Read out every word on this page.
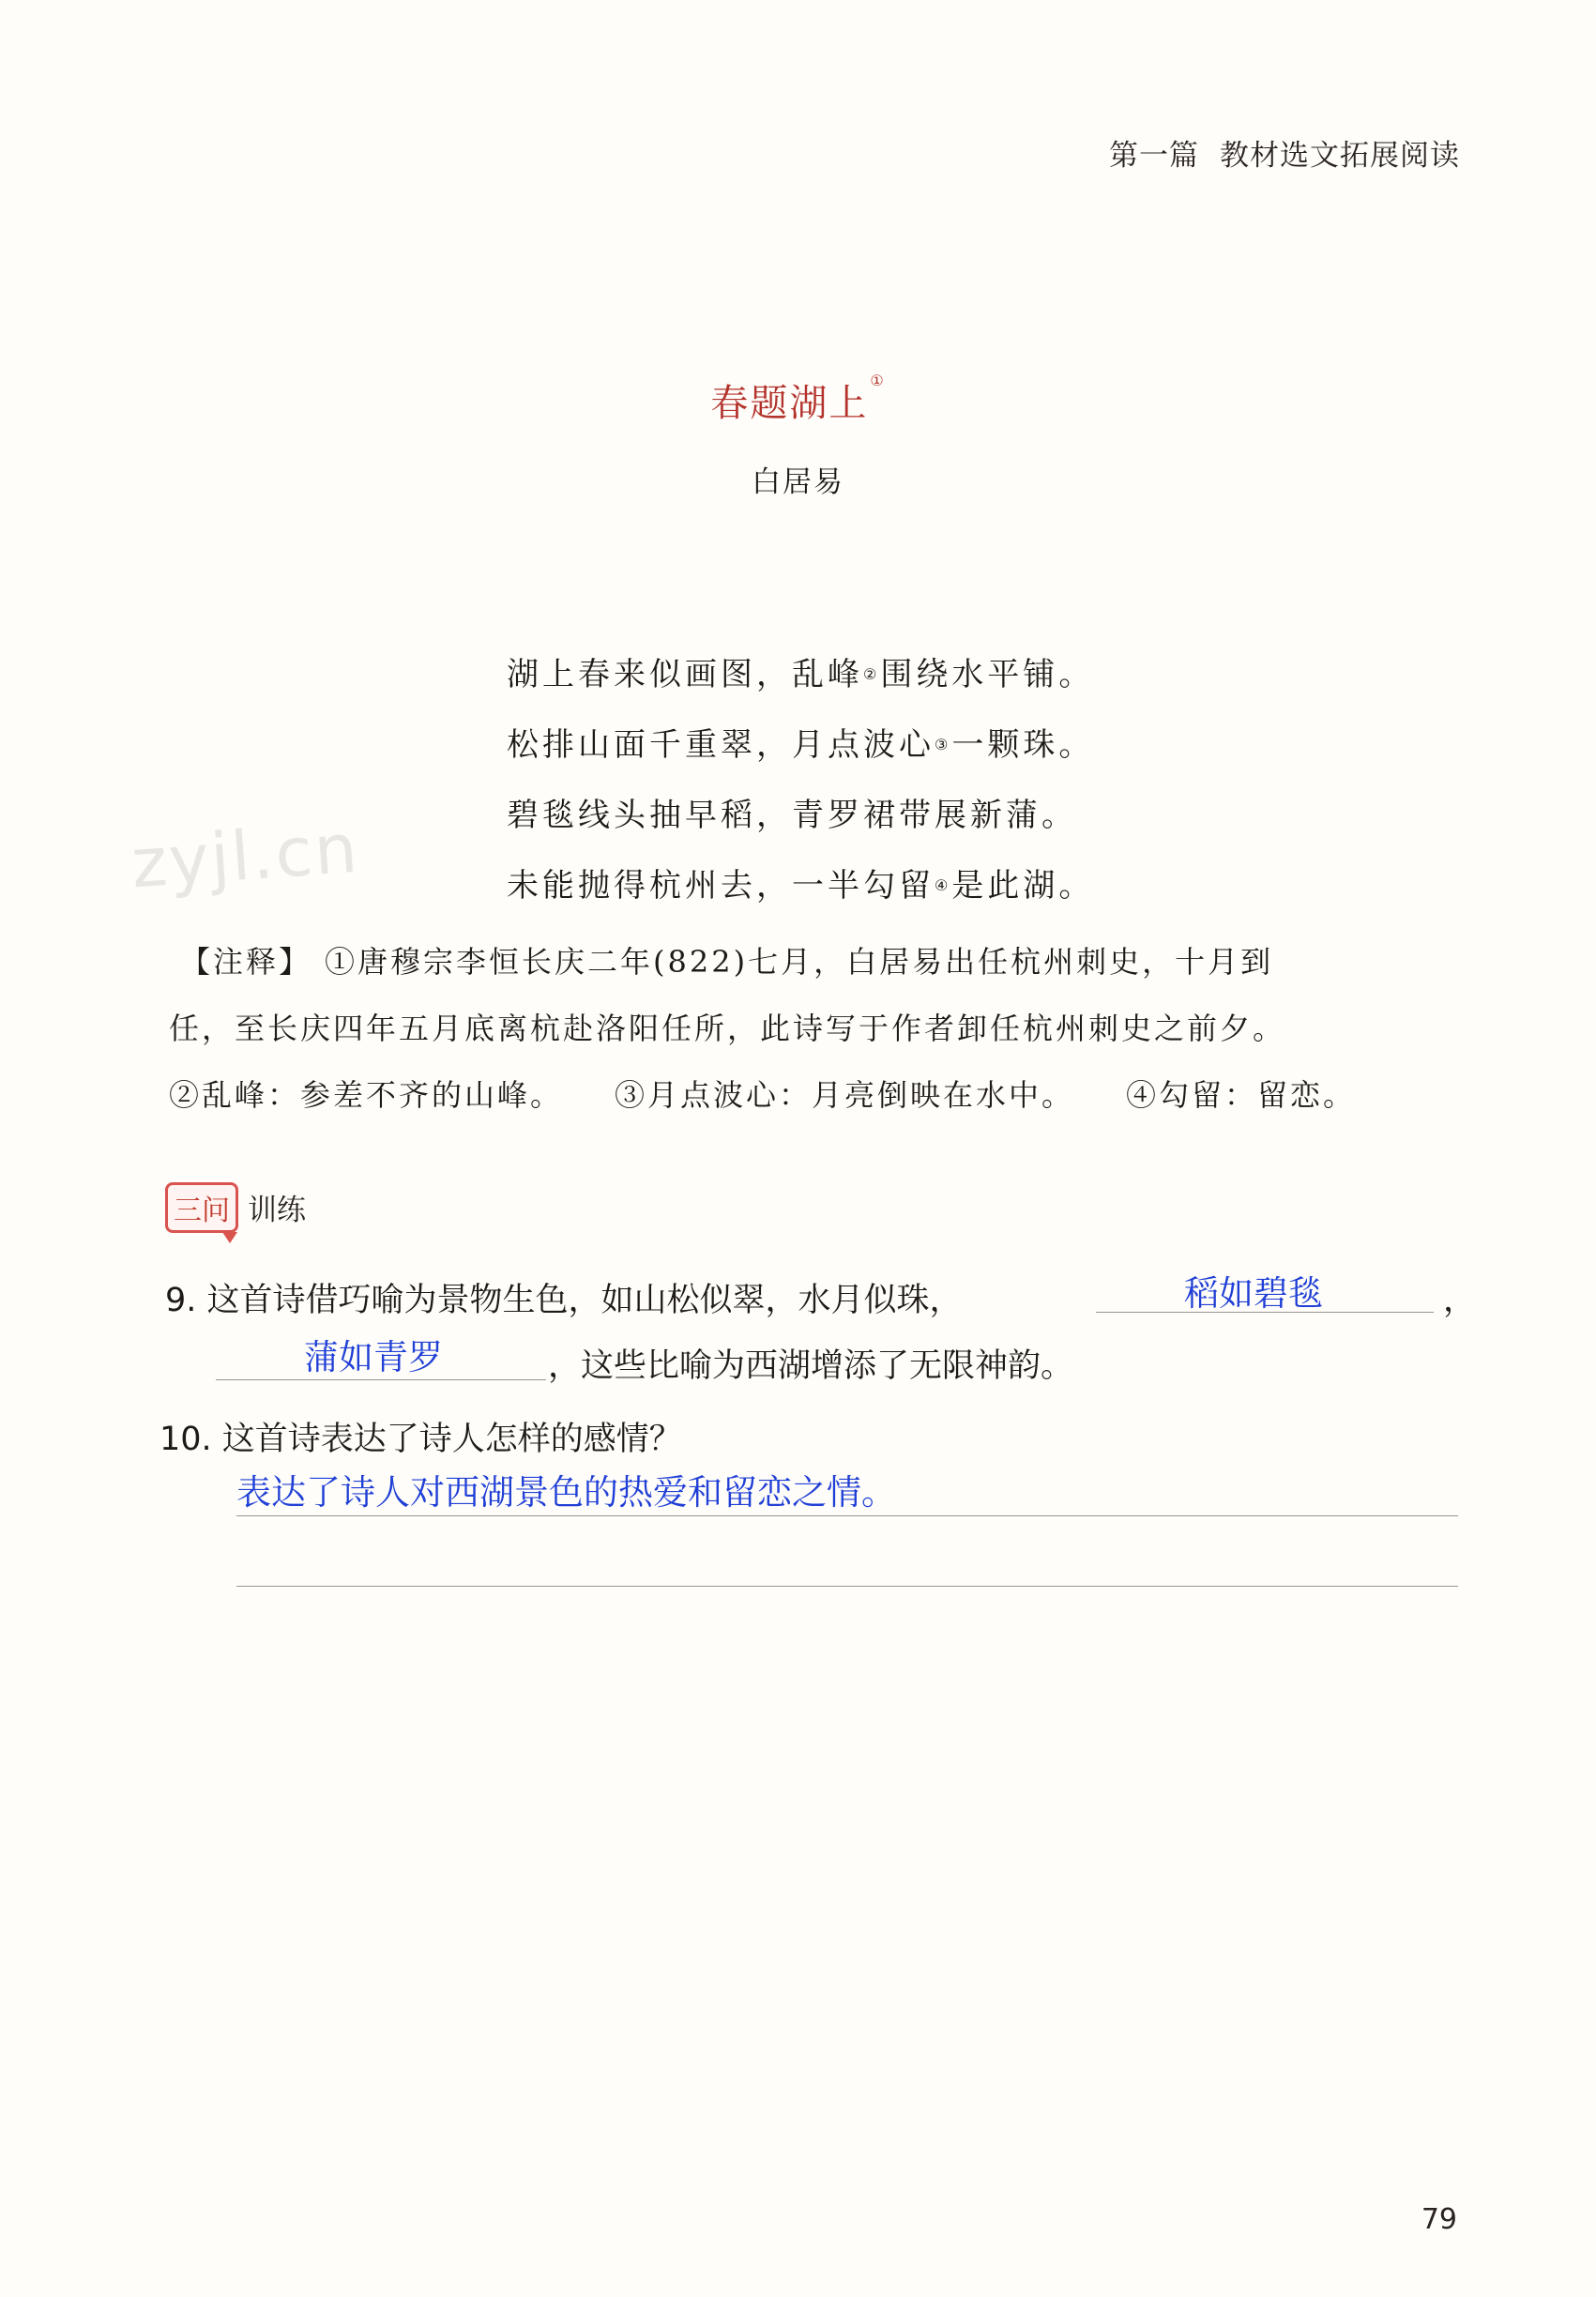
第一篇 教材选文拓展阅读
春题湖上①
白居易
zyjl.cn
湖上春来似画图，乱峰②围绕水平铺。
松排山面千重翠，月点波心③一颗珠。
碧毯线头抽早稻，青罗裙带展新蒲。
未能抛得杭州去，一半勾留④是此湖。
【注释】 ①唐穆宗李恒长庆二年(822)七月，白居易出任杭州刺史，十月到
任，至长庆四年五月底离杭赴洛阳任所，此诗写于作者卸任杭州刺史之前夕。
②乱峰：参差不齐的山峰。 ③月点波心：月亮倒映在水中。 ④勾留：留恋。
三问 训练
9. 这首诗借巧喻为景物生色，如山松似翠，水月似珠，	稻如碧毯	，
蒲如青罗	，这些比喻为西湖增添了无限神韵。
10. 这首诗表达了诗人怎样的感情？
表达了诗人对西湖景色的热爱和留恋之情。
79
